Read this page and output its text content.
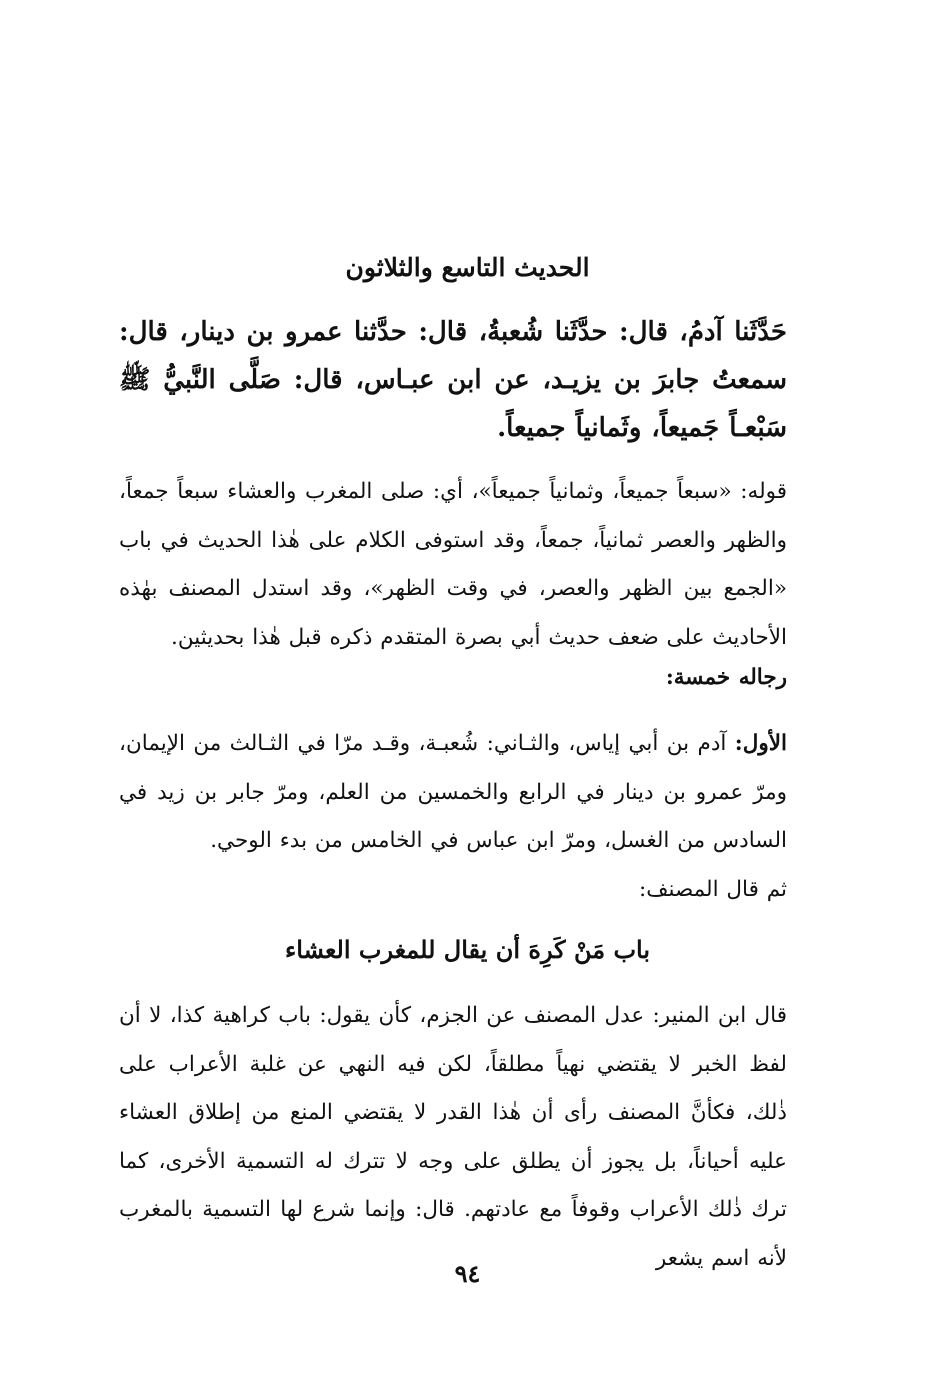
الحديث التاسع والثلاثون
حَدَّثَنا آدمُ، قال: حدَّثَنا شُعبةُ، قال: حدَّثنا عمرو بن دينار، قال: سمعتُ جابرَ بن يزيـد، عن ابن عبـاس، قال: صَلَّى النَّبيُّ ﷺ سَبْعـاً جَميعاً، وثَمانياً جميعاً.
قوله: «سبعاً جميعاً، وثمانياً جميعاً»، أي: صلى المغرب والعشاء سبعاً جمعاً، والظهر والعصر ثمانياً، جمعاً، وقد استوفى الكلام على هٰذا الحديث في باب «الجمع بين الظهر والعصر، في وقت الظهر»، وقد استدل المصنف بهٰذه الأحاديث على ضعف حديث أبي بصرة المتقدم ذكره قبل هٰذا بحديثين.
رجاله خمسة:
الأول: آدم بن أبي إياس، والثـاني: شُعبـة، وقـد مرّا في الثـالث من الإيمان، ومرّ عمرو بن دينار في الرابع والخمسين من العلم، ومرّ جابر بن زيد في السادس من الغسل، ومرّ ابن عباس في الخامس من بدء الوحي.
ثم قال المصنف:
باب مَنْ كَرِهَ أن يقال للمغرب العشاء
قال ابن المنير: عدل المصنف عن الجزم، كأن يقول: باب كراهية كذا، لا أن لفظ الخبر لا يقتضي نهياً مطلقاً، لكن فيه النهي عن غلبة الأعراب على ذٰلك، فكأنَّ المصنف رأى أن هٰذا القدر لا يقتضي المنع من إطلاق العشاء عليه أحياناً، بل يجوز أن يطلق على وجه لا تترك له التسمية الأخرى، كما ترك ذٰلك الأعراب وقوفاً مع عادتهم. قال: وإنما شرع لها التسمية بالمغرب لأنه اسم يشعر
٩٤
